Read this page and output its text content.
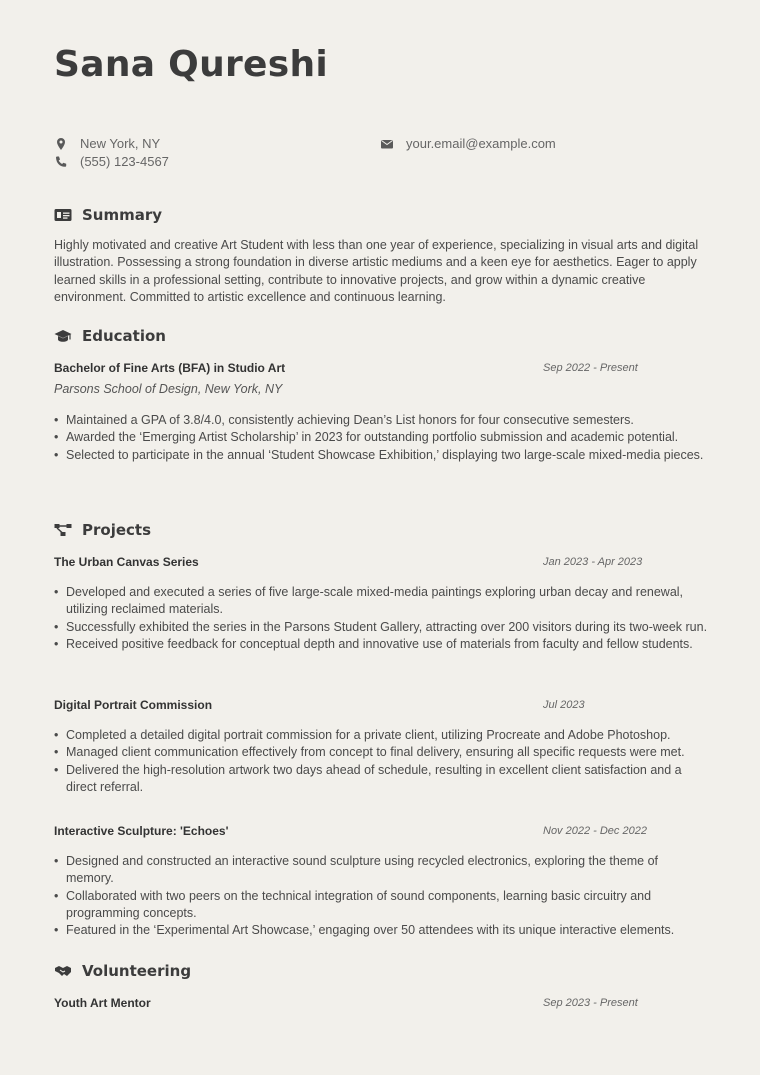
Sana Qureshi
New York, NY
(555) 123-4567
your.email@example.com
Summary
Highly motivated and creative Art Student with less than one year of experience, specializing in visual arts and digital illustration. Possessing a strong foundation in diverse artistic mediums and a keen eye for aesthetics. Eager to apply learned skills in a professional setting, contribute to innovative projects, and grow within a dynamic creative environment. Committed to artistic excellence and continuous learning.
Education
Bachelor of Fine Arts (BFA) in Studio Art	Sep 2022 - Present
Parsons School of Design, New York, NY
• Maintained a GPA of 3.8/4.0, consistently achieving Dean’s List honors for four consecutive semesters.
• Awarded the ‘Emerging Artist Scholarship’ in 2023 for outstanding portfolio submission and academic potential.
• Selected to participate in the annual ‘Student Showcase Exhibition,’ displaying two large-scale mixed-media pieces.
Projects
The Urban Canvas Series	Jan 2023 - Apr 2023
• Developed and executed a series of five large-scale mixed-media paintings exploring urban decay and renewal, utilizing reclaimed materials.
• Successfully exhibited the series in the Parsons Student Gallery, attracting over 200 visitors during its two-week run.
• Received positive feedback for conceptual depth and innovative use of materials from faculty and fellow students.
Digital Portrait Commission	Jul 2023
• Completed a detailed digital portrait commission for a private client, utilizing Procreate and Adobe Photoshop.
• Managed client communication effectively from concept to final delivery, ensuring all specific requests were met.
• Delivered the high-resolution artwork two days ahead of schedule, resulting in excellent client satisfaction and a direct referral.
Interactive Sculpture: 'Echoes'	Nov 2022 - Dec 2022
• Designed and constructed an interactive sound sculpture using recycled electronics, exploring the theme of memory.
• Collaborated with two peers on the technical integration of sound components, learning basic circuitry and programming concepts.
• Featured in the ‘Experimental Art Showcase,’ engaging over 50 attendees with its unique interactive elements.
Volunteering
Youth Art Mentor	Sep 2023 - Present
